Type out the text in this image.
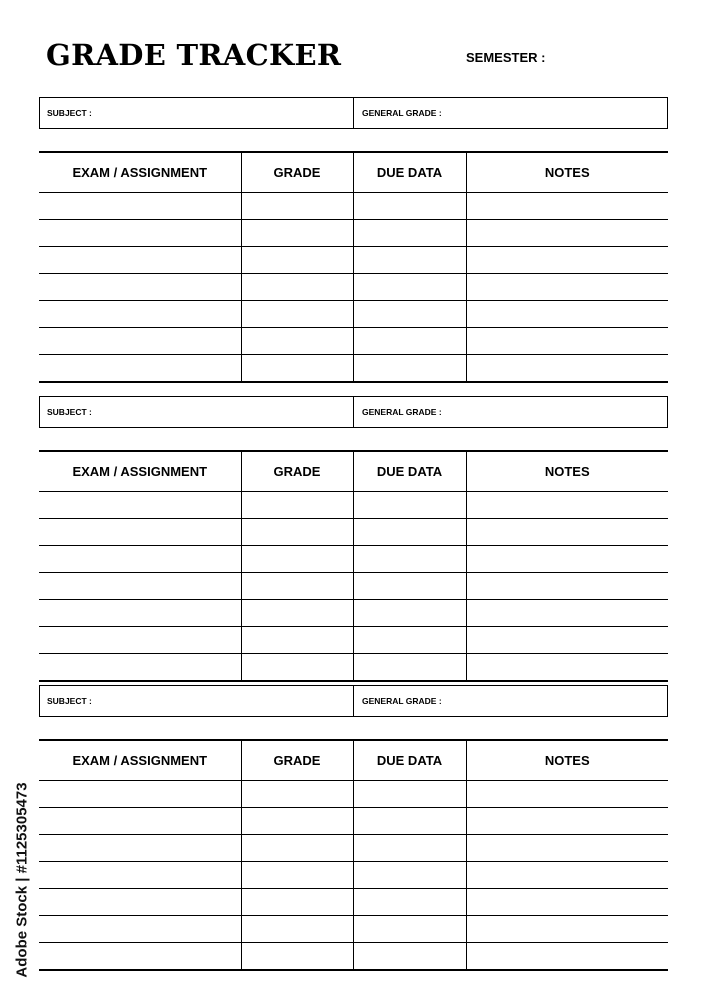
GRADE TRACKER	SEMESTER :
SUBJECT :	GENERAL GRADE :
EXAM / ASSIGNMENT	GRADE	DUE DATA	NOTES

SUBJECT :	GENERAL GRADE :
EXAM / ASSIGNMENT	GRADE	DUE DATA	NOTES

SUBJECT :	GENERAL GRADE :
EXAM / ASSIGNMENT	GRADE	DUE DATA	NOTES

Adobe Stock | #1125305473
